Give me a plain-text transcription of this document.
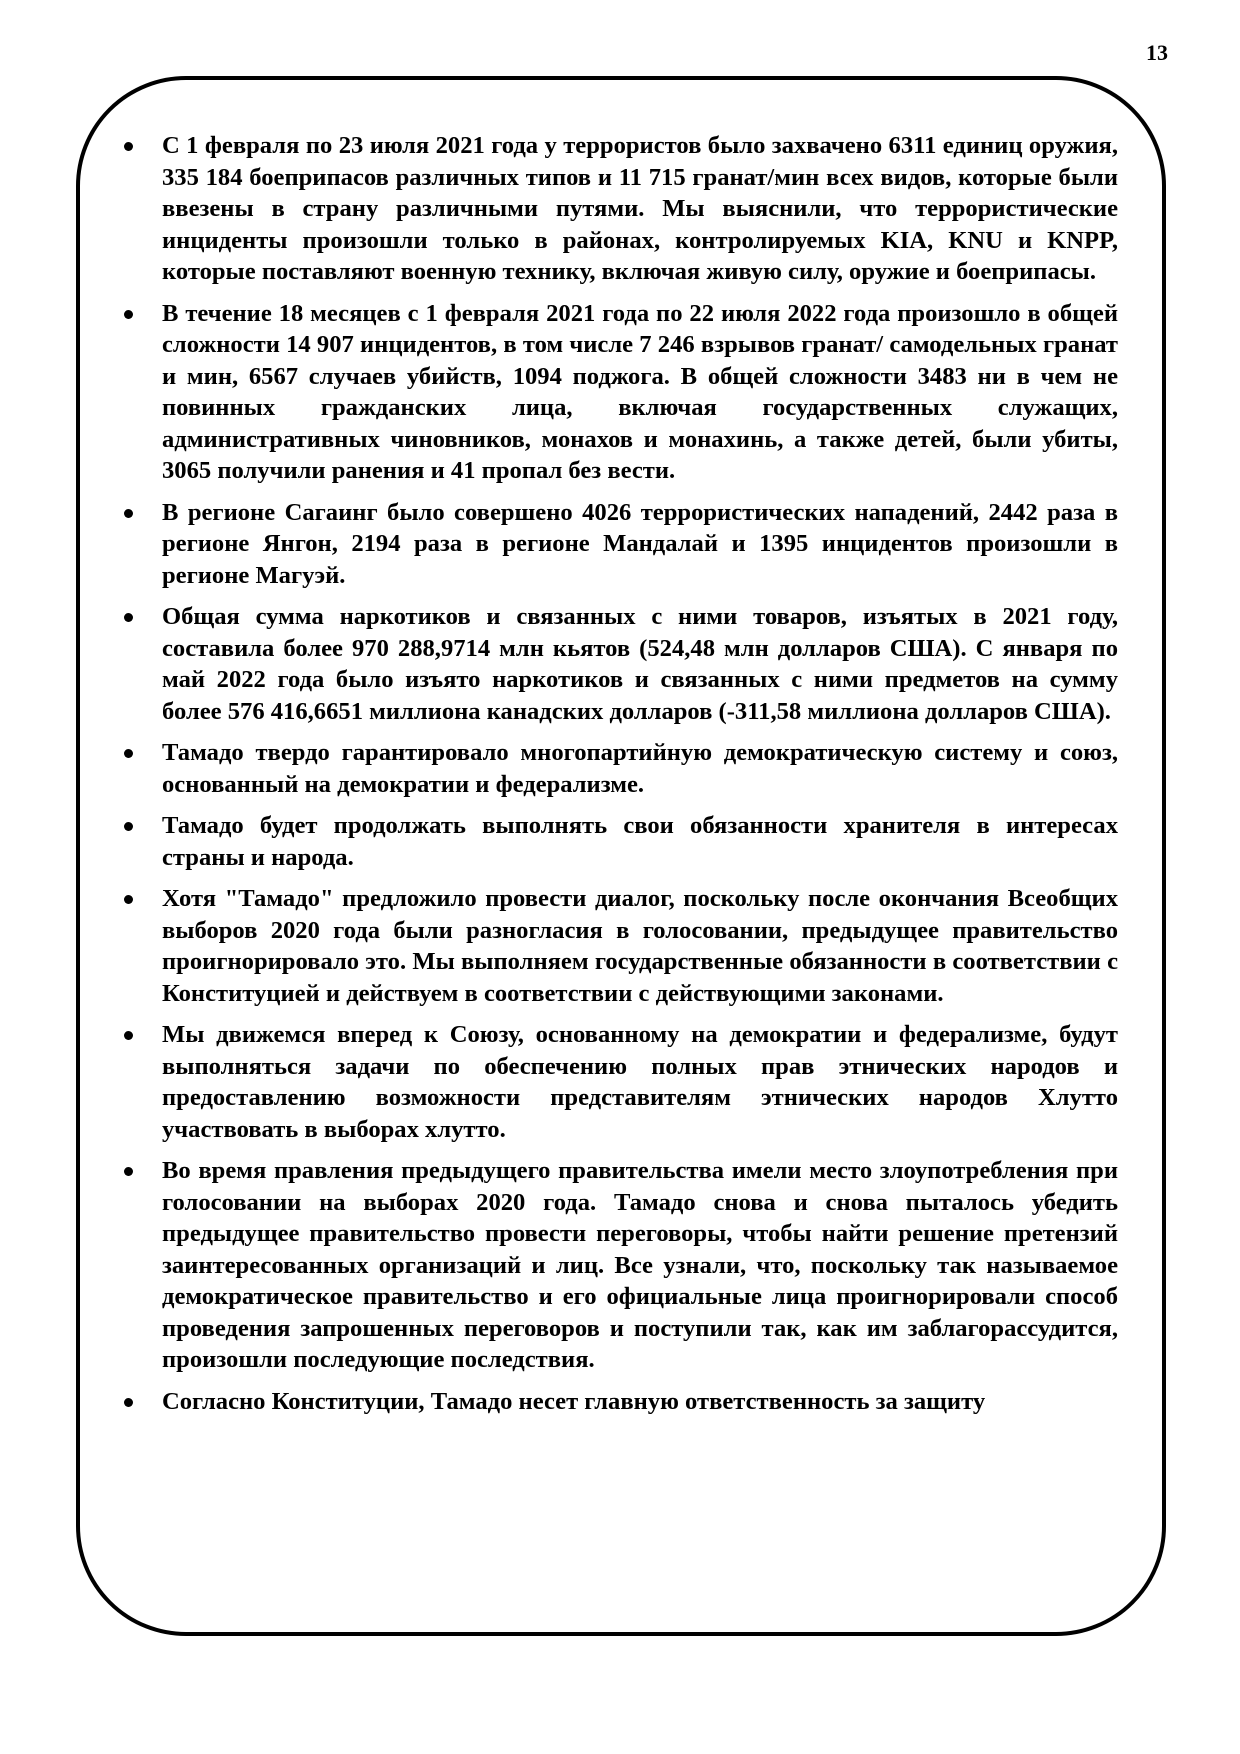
13
С 1 февраля по 23 июля 2021 года у террористов было захвачено 6311 единиц оружия, 335 184 боеприпасов различных типов и 11 715 гранат/мин всех видов, которые были ввезены в страну различными путями. Мы выяснили, что террористические инциденты произошли только в районах, контролируемых KIA, KNU и KNPP, которые поставляют военную технику, включая живую силу, оружие и боеприпасы.
В течение 18 месяцев с 1 февраля 2021 года по 22 июля 2022 года произошло в общей сложности 14 907 инцидентов, в том числе 7 246 взрывов гранат/ самодельных гранат и мин, 6567 случаев убийств, 1094 поджога. В общей сложности 3483 ни в чем не повинных гражданских лица, включая государственных служащих, административных чиновников, монахов и монахинь, а также детей, были убиты, 3065 получили ранения и 41 пропал без вести.
В регионе Сагаинг было совершено 4026 террористических нападений, 2442 раза в регионе Янгон, 2194 раза в регионе Мандалай и 1395 инцидентов произошли в регионе Магуэй.
Общая сумма наркотиков и связанных с ними товаров, изъятых в 2021 году, составила более 970 288,9714 млн кьятов (524,48 млн долларов США). С января по май 2022 года было изъято наркотиков и связанных с ними предметов на сумму более 576 416,6651 миллиона канадских долларов (-311,58 миллиона долларов США).
Тамадо твердо гарантировало многопартийную демократическую систему и союз, основанный на демократии и федерализме.
Тамадо будет продолжать выполнять свои обязанности хранителя в интересах страны и народа.
Хотя "Тамадо" предложило провести диалог, поскольку после окончания Всеобщих выборов 2020 года были разногласия в голосовании, предыдущее правительство проигнорировало это. Мы выполняем государственные обязанности в соответствии с Конституцией и действуем в соответствии с действующими законами.
Мы движемся вперед к Союзу, основанному на демократии и федерализме, будут выполняться задачи по обеспечению полных прав этнических народов и предоставлению возможности представителям этнических народов Хлутто участвовать в выборах хлутто.
Во время правления предыдущего правительства имели место злоупотребления при голосовании на выборах 2020 года. Тамадо снова и снова пыталось убедить предыдущее правительство провести переговоры, чтобы найти решение претензий заинтересованных организаций и лиц. Все узнали, что, поскольку так называемое демократическое правительство и его официальные лица проигнорировали способ проведения запрошенных переговоров и поступили так, как им заблагорассудится, произошли последующие последствия.
Согласно Конституции, Тамадо несет главную ответственность за защиту
